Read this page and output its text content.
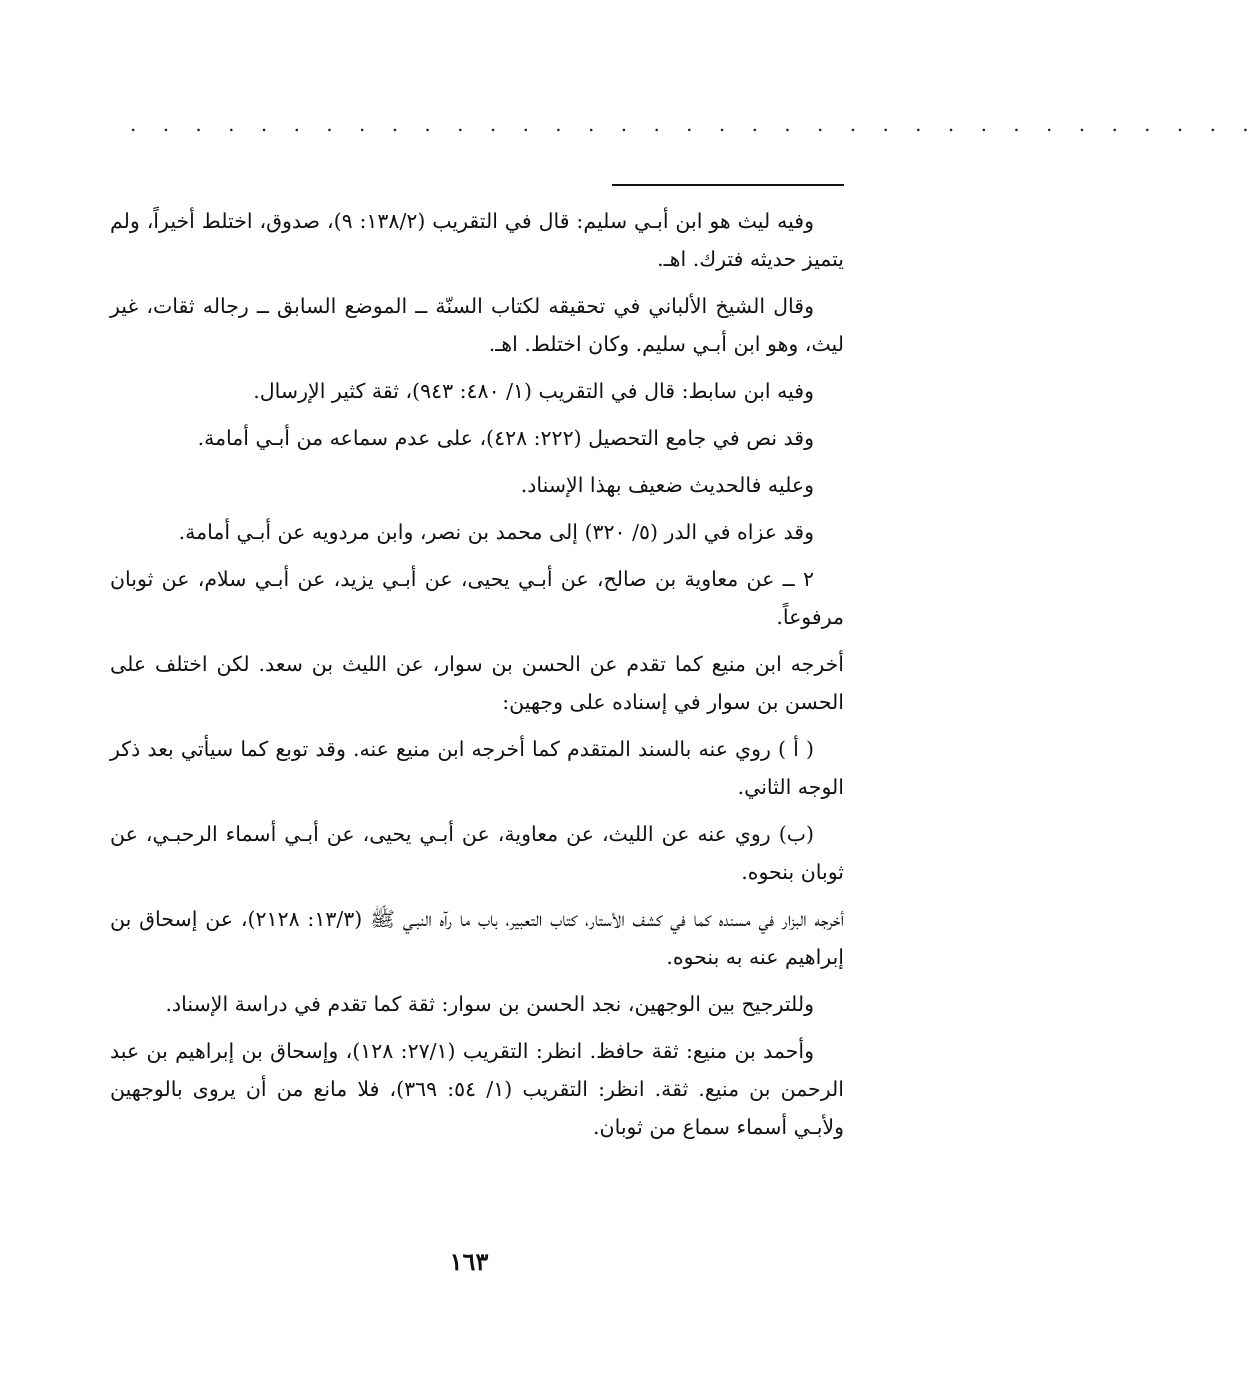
. . . . . . . . . . . . . . . . . . . . . . . . . . . . . . . . . . .

وفيه ليث هو ابن أبـي سليم: قال في التقريب (١٣٨/٢: ٩)، صدوق، اختلط أخيراً، ولم يتميز حديثه فترك. اهـ.

وقال الشيخ الألباني في تحقيقه لكتاب السنّة ــ الموضع السابق ــ رجاله ثقات، غير ليث، وهو ابن أبـي سليم. وكان اختلط. اهـ.

وفيه ابن سابط: قال في التقريب (١/ ٤٨٠: ٩٤٣)، ثقة كثير الإرسال.

وقد نص في جامع التحصيل (٢٢٢: ٤٢٨)، على عدم سماعه من أبـي أمامة.

وعليه فالحديث ضعيف بهذا الإسناد.

وقد عزاه في الدر (٥/ ٣٢٠) إلى محمد بن نصر، وابن مردويه عن أبـي أمامة.

٢ ــ عن معاوية بن صالح، عن أبـي يحيى، عن أبـي يزيد، عن أبـي سلام، عن ثوبان مرفوعاً.

أخرجه ابن منيع كما تقدم عن الحسن بن سوار، عن الليث بن سعد. لكن اختلف على الحسن بن سوار في إسناده على وجهين:

( أ ) روي عنه بالسند المتقدم كما أخرجه ابن منيع عنه. وقد توبع كما سيأتي بعد ذكر الوجه الثاني.

(ب) روي عنه عن الليث، عن معاوية، عن أبـي يحيى، عن أبـي أسماء الرحبـي، عن ثوبان بنحوه.

أخرجه البزار في مسنده كما في كشف الأستار، كتاب التعبير، باب ما رآه النبـي ﷺ (١٣/٣: ٢١٢٨)، عن إسحاق بن إبراهيم عنه به بنحوه.

وللترجيح بين الوجهين، نجد الحسن بن سوار: ثقة كما تقدم في دراسة الإسناد.

وأحمد بن منيع: ثقة حافظ. انظر: التقريب (٢٧/١: ١٢٨)، وإسحاق بن إبراهيم بن عبد الرحمن بن منيع. ثقة. انظر: التقريب (١/ ٥٤: ٣٦٩)، فلا مانع من أن يروى بالوجهين ولأبـي أسماء سماع من ثوبان.

١٦٣
